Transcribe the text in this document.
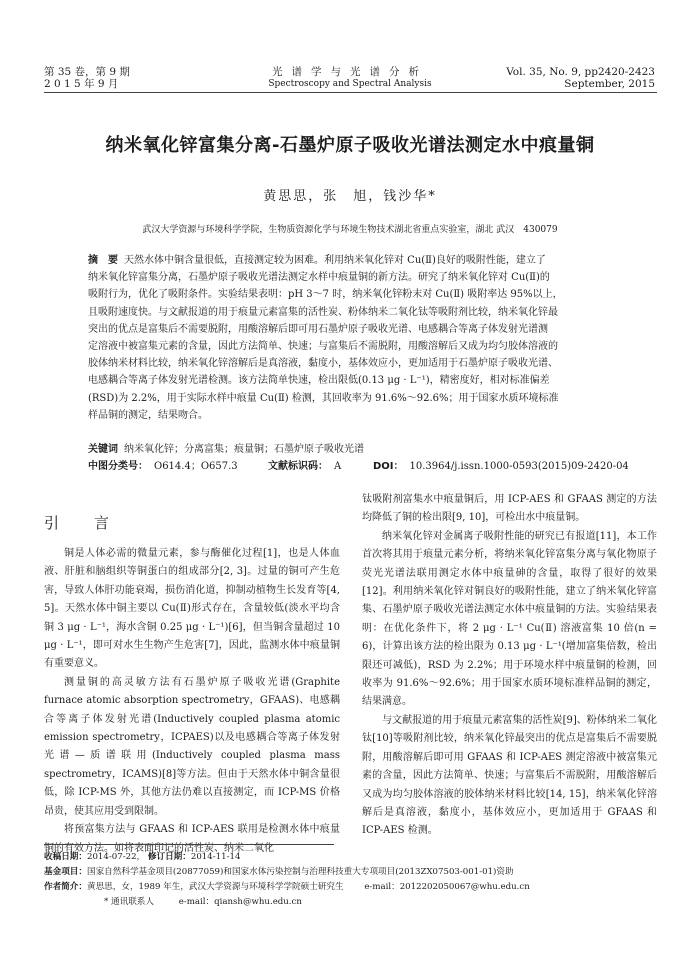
第 35 卷，第 9 期
2 0 1 5 年 9 月
光谱学与光谱分析
Spectroscopy and Spectral Analysis
Vol. 35, No. 9, pp2420-2423
September, 2015
纳米氧化锌富集分离-石墨炉原子吸收光谱法测定水中痕量铜
黄思思，张　旭，钱沙华*
武汉大学资源与环境科学学院，生物质资源化学与环境生物技术湖北省重点实验室，湖北 武汉　430079
摘　要 天然水体中铜含量很低，直接测定较为困难。利用纳米氧化锌对 Cu(Ⅱ)良好的吸附性能，建立了
纳米氧化锌富集分离，石墨炉原子吸收光谱法测定水样中痕量铜的新方法。研究了纳米氧化锌对 Cu(Ⅱ)的
吸附行为，优化了吸附条件。实验结果表明：pH 3～7 时，纳米氧化锌粉末对 Cu(Ⅱ) 吸附率达 95%以上，
且吸附速度快。与文献报道的用于痕量元素富集的活性炭、粉体纳米二氧化钛等吸附剂比较，纳米氧化锌最
突出的优点是富集后不需要脱附，用酸溶解后即可用石墨炉原子吸收光谱、电感耦合等离子体发射光谱测
定溶液中被富集元素的含量，因此方法简单、快速；与富集后不需脱附，用酸溶解后又成为均匀胶体溶液的
胶体纳米材料比较，纳米氧化锌溶解后是真溶液，黏度小，基体效应小，更加适用于石墨炉原子吸收光谱、
电感耦合等离子体发射光谱检测。该方法简单快速，检出限低(0.13 μg · L⁻¹)，精密度好，相对标准偏差
(RSD)为 2.2%，用于实际水样中痕量 Cu(Ⅱ) 检测，其回收率为 91.6%～92.6%；用于国家水质环境标准
样品铜的测定，结果吻合。
关键词 纳米氧化锌；分离富集；痕量铜；石墨炉原子吸收光谱
中图分类号： O614.4；O657.3	文献标识码： A	DOI： 10.3964/j.issn.1000-0593(2015)09-2420-04
引　言

铜是人体必需的微量元素，参与酶催化过程[1]，也是人体血液、肝脏和脑组织等铜蛋白的组成部分[2, 3]。过量的铜可产生危害，导致人体肝功能衰竭，损伤消化道，抑制动植物生长发育等[4, 5]。天然水体中铜主要以 Cu(Ⅱ)形式存在，含量较低(淡水平均含铜 3 μg · L⁻¹，海水含铜 0.25 μg · L⁻¹)[6]，但当铜含量超过 10 μg · L⁻¹，即可对水生生物产生危害[7]，因此，监测水体中痕量铜有重要意义。

测量铜的高灵敏方法有石墨炉原子吸收光谱(Graphite furnace atomic absorption spectrometry，GFAAS)、电感耦合等离子体发射光谱(Inductively coupled plasma atomic emission spectrometry，ICPAES)以及电感耦合等离子体发射光谱—质谱联用(Inductively coupled plasma mass spectrometry，ICAMS)[8]等方法。但由于天然水体中铜含量很低，除 ICP-MS 外，其他方法仍难以直接测定，而 ICP-MS 价格昂贵，使其应用受到限制。

将预富集方法与 GFAAS 和 ICP-AES 联用是检测水体中痕量铜的有效方法。如将表面印记的活性炭、纳米二氧化

钛吸附剂富集水中痕量铜后，用 ICP-AES 和 GFAAS 测定的方法均降低了铜的检出限[9, 10]，可检出水中痕量铜。

纳米氧化锌对金属离子吸附性能的研究已有报道[11]，本工作首次将其用于痕量元素分析，将纳米氧化锌富集分离与氧化物原子荧光光谱法联用测定水体中痕量砷的含量，取得了很好的效果[12]。利用纳米氧化锌对铜良好的吸附性能，建立了纳米氧化锌富集、石墨炉原子吸收光谱法测定水体中痕量铜的方法。实验结果表明：在优化条件下，将 2 μg · L⁻¹ Cu(Ⅱ) 溶液富集 10 倍(n = 6)，计算出该方法的检出限为 0.13 μg · L⁻¹(增加富集倍数，检出限还可减低)，RSD 为 2.2%；用于环境水样中痕量铜的检测，回收率为 91.6%～92.6%；用于国家水质环境标准样品铜的测定，结果满意。

与文献报道的用于痕量元素富集的活性炭[9]、粉体纳米二氧化钛[10]等吸附剂比较，纳米氧化锌最突出的优点是富集后不需要脱附，用酸溶解后即可用 GFAAS 和 ICP-AES 测定溶液中被富集元素的含量，因此方法简单、快速；与富集后不需脱附，用酸溶解后又成为均匀胶体溶液的胶体纳米材料比较[14, 15]，纳米氧化锌溶解后是真溶液，黏度小，基体效应小，更加适用于 GFAAS 和 ICP-AES 检测。

收稿日期：2014-07-22， 修订日期：2014-11-14
基金项目：国家自然科学基金项目(20877059)和国家水体污染控制与治理科技重大专项项目(2013ZX07503-001-01)资助
作者简介：黄思思，女，1989 年生，武汉大学资源与环境科学学院硕士研究生 e-mail：2012202050067@whu.edu.cn
* 通讯联系人	e-mail：qiansh@whu.edu.cn
